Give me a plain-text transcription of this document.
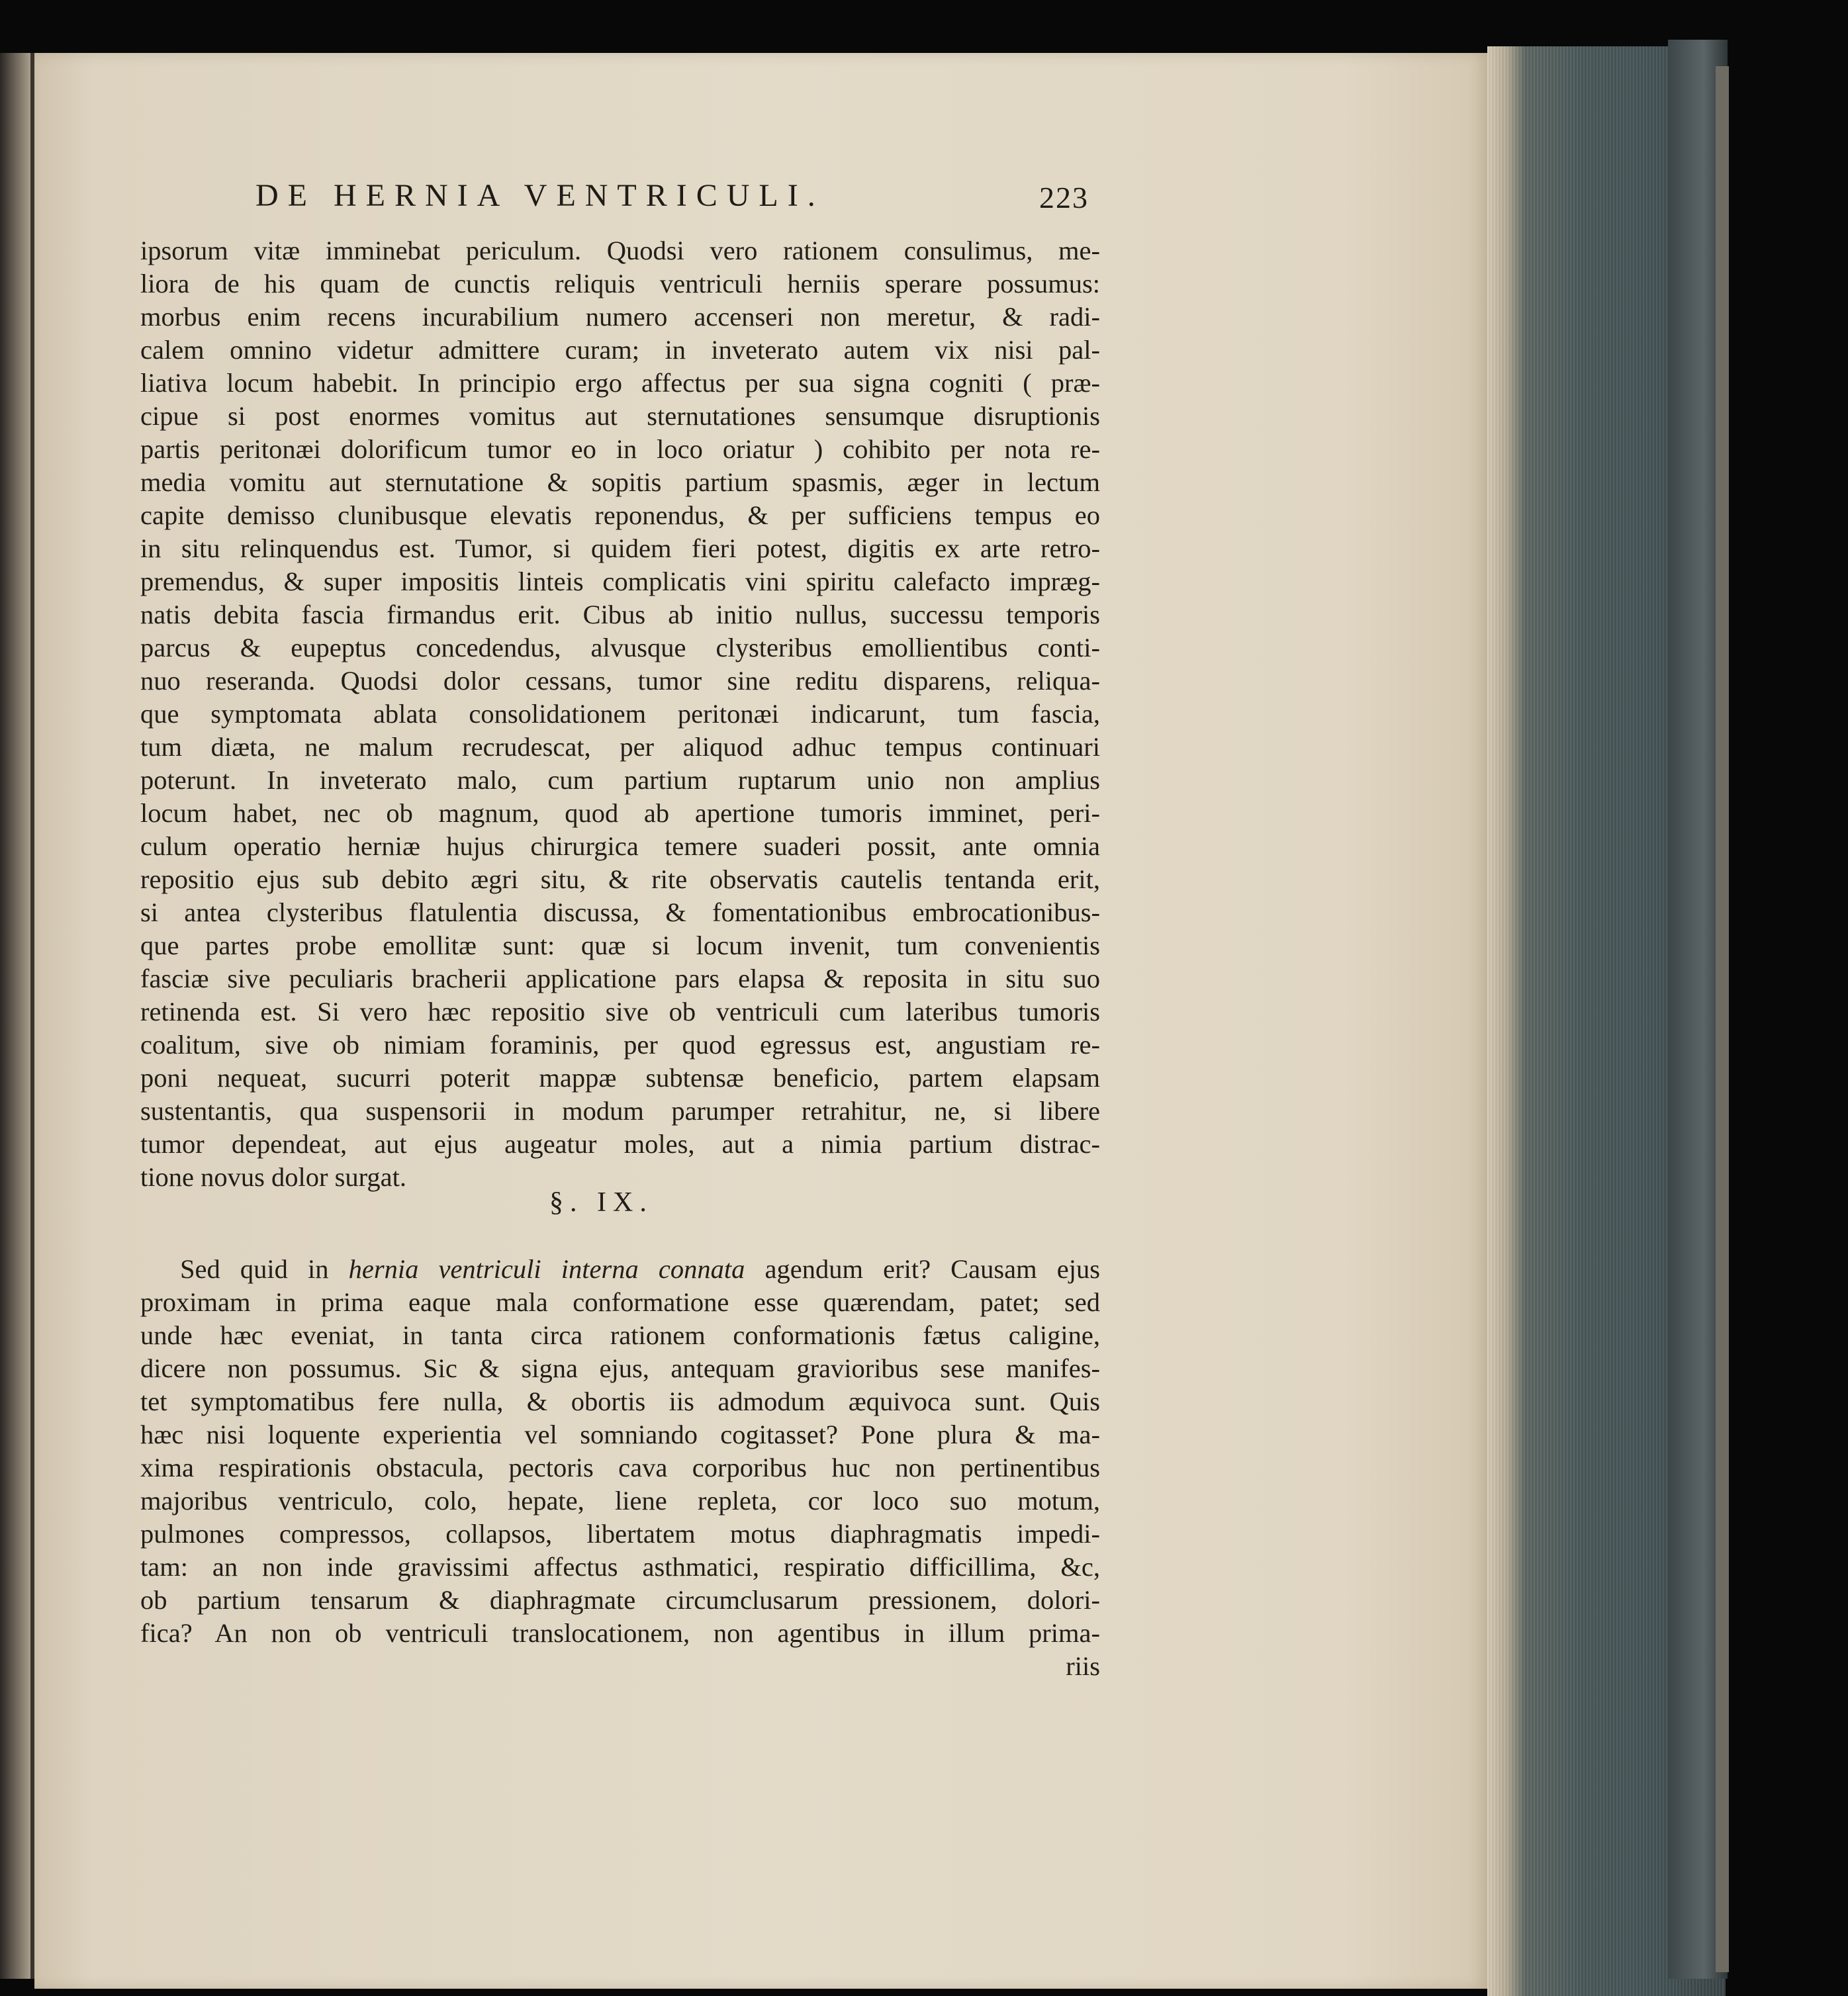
DE HERNIA VENTRICULI.	223
ipsorum vitæ imminebat periculum. Quodsi vero rationem consulimus, me-
liora de his quam de cunctis reliquis ventriculi herniis sperare possumus:
morbus enim recens incurabilium numero accenseri non meretur, & radi-
calem omnino videtur admittere curam; in inveterato autem vix nisi pal-
liativa locum habebit. In principio ergo affectus per sua signa cogniti ( præ-
cipue si post enormes vomitus aut sternutationes sensumque disruptionis
partis peritonæi dolorificum tumor eo in loco oriatur ) cohibito per nota re-
media vomitu aut sternutatione & sopitis partium spasmis, æger in lectum
capite demisso clunibusque elevatis reponendus, & per sufficiens tempus eo
in situ relinquendus est. Tumor, si quidem fieri potest, digitis ex arte retro-
premendus, & super impositis linteis complicatis vini spiritu calefacto impræg-
natis debita fascia firmandus erit. Cibus ab initio nullus, successu temporis
parcus & eupeptus concedendus, alvusque clysteribus emollientibus conti-
nuo reseranda. Quodsi dolor cessans, tumor sine reditu disparens, reliqua-
que symptomata ablata consolidationem peritonæi indicarunt, tum fascia,
tum diæta, ne malum recrudescat, per aliquod adhuc tempus continuari
poterunt. In inveterato malo, cum partium ruptarum unio non amplius
locum habet, nec ob magnum, quod ab apertione tumoris imminet, peri-
culum operatio herniæ hujus chirurgica temere suaderi possit, ante omnia
repositio ejus sub debito ægri situ, & rite observatis cautelis tentanda erit,
si antea clysteribus flatulentia discussa, & fomentationibus embrocationibus-
que partes probe emollitæ sunt: quæ si locum invenit, tum convenientis
fasciæ sive peculiaris bracherii applicatione pars elapsa & reposita in situ suo
retinenda est. Si vero hæc repositio sive ob ventriculi cum lateribus tumoris
coalitum, sive ob nimiam foraminis, per quod egressus est, angustiam re-
poni nequeat, sucurri poterit mappæ subtensæ beneficio, partem elapsam
sustentantis, qua suspensorii in modum parumper retrahitur, ne, si libere
tumor dependeat, aut ejus augeatur moles, aut a nimia partium distrac-
tione novus dolor surgat.
§. IX.
Sed quid in hernia ventriculi interna connata agendum erit? Causam ejus
proximam in prima eaque mala conformatione esse quærendam, patet; sed
unde hæc eveniat, in tanta circa rationem conformationis fætus caligine,
dicere non possumus. Sic & signa ejus, antequam gravioribus sese manifes-
tet symptomatibus fere nulla, & obortis iis admodum æquivoca sunt. Quis
hæc nisi loquente experientia vel somniando cogitasset? Pone plura & ma-
xima respirationis obstacula, pectoris cava corporibus huc non pertinentibus
majoribus ventriculo, colo, hepate, liene repleta, cor loco suo motum,
pulmones compressos, collapsos, libertatem motus diaphragmatis impedi-
tam: an non inde gravissimi affectus asthmatici, respiratio difficillima, &c,
ob partium tensarum & diaphragmate circumclusarum pressionem, dolori-
fica? An non ob ventriculi translocationem, non agentibus in illum prima-
riis
